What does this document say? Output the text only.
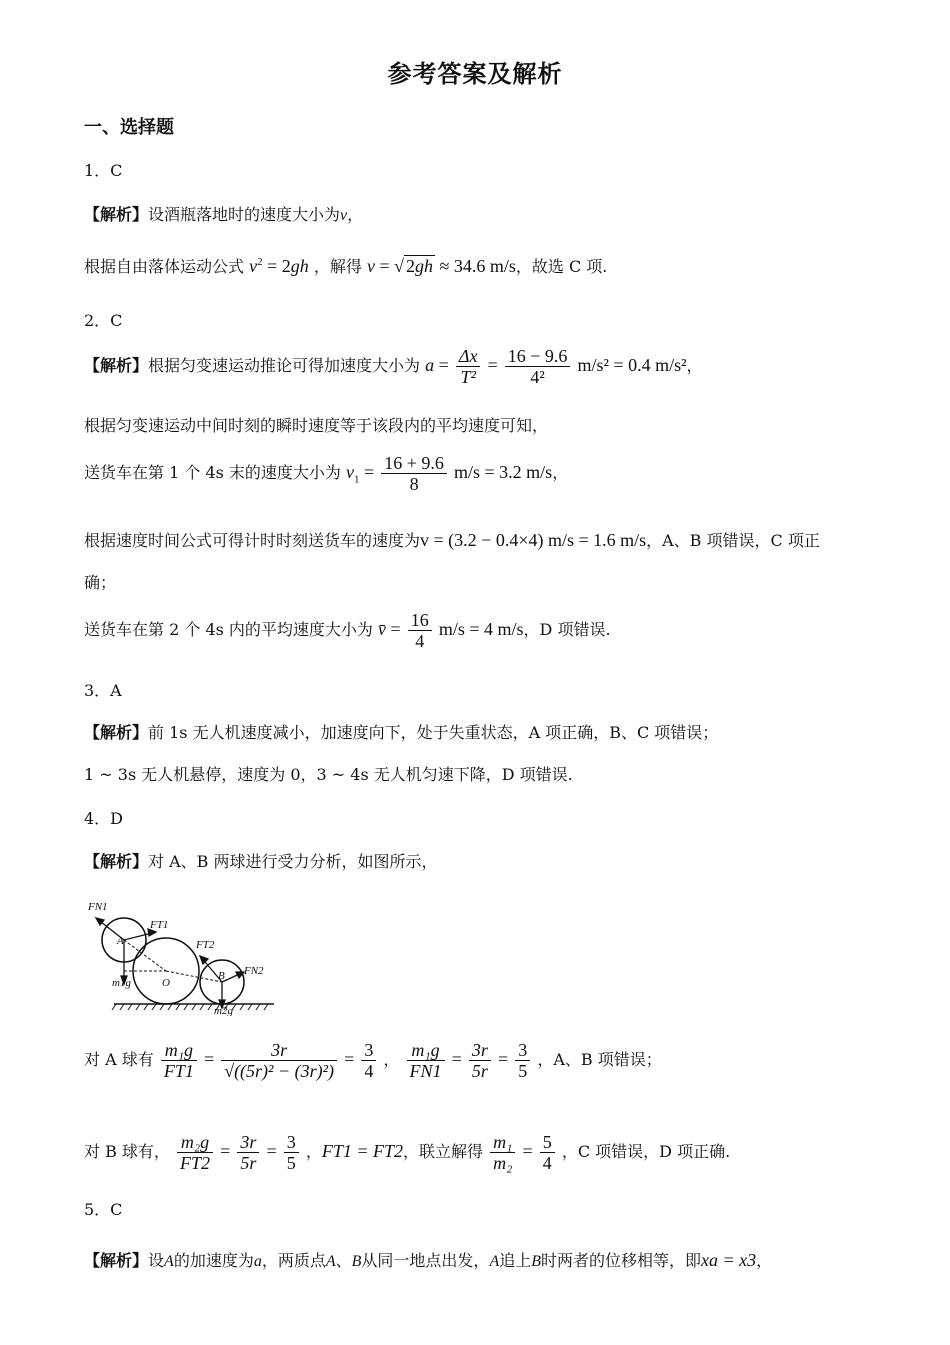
参考答案及解析
一、选择题
1．C
【解析】设酒瓶落地时的速度大小为v，
根据自由落体运动公式 $v^2 = 2gh$ ，解得 v = √ 2gh ≈ 34.6 m/s，故选 C 项.
2．C
【解析】根据匀变速运动推论可得加速度大小为 $a = \frac{\Delta x}{\text{T²}} = \frac{16 - 9.6}{\text{4²}} m/s^2 = 0.4$ m/s²，
根据匀变速运动中间时刻的瞬时速度等于该段内的平均速度可知，
送货车在第 1 个 4s 末的速度大小为 $v_1 = \frac{16 + 9.6}{8} m/s = 3.2$ m/s，
根据速度时间公式可得计时时刻送货车的速度为v = (3.2 − 0.4×4) m/s = 1.6 m/s，A、B 项错误，C 项正
确；
送货车在第 2 个 4s 内的平均速度大小为 v̄ = $\frac{16}{4} m/s = 4$ m/s，D 项错误.
3．A
【解析】前 1s 无人机速度减小，加速度向下，处于失重状态，A 项正确，B、C 项错误；
1 ~ 3s 无人机悬停，速度为 0，3 ~ 4s 无人机匀速下降，D 项错误.
4．D
【解析】对 A、B 两球进行受力分析，如图所示，
FN1
FT1
A
O
FT2
FN2
B
m1g
m2g
对 A 球有 $\frac{\text{m₁g}}{FT1} = \frac{3r}{\text{√((5r)² − (3r)²)}} = \frac{3}{4}$ ， $\frac{\text{m₁g}}{FN1} = \frac{3r}{5r} = \frac{3}{5}$ ，A、B 项错误；
对 B 球有， $\frac{\text{m₂g}}{FT2} = \frac{3r}{5r} = \frac{3}{5}$ ，FT1 = FT2，联立解得 $\frac{\text{m₁}}{\text{m₂}} = \frac{5}{4}$ ，C 项错误，D 项正确.
5．C
【解析】设A的加速度为a，两质点A、B从同一地点出发，A追上B时两者的位移相等，即xa = x3，
